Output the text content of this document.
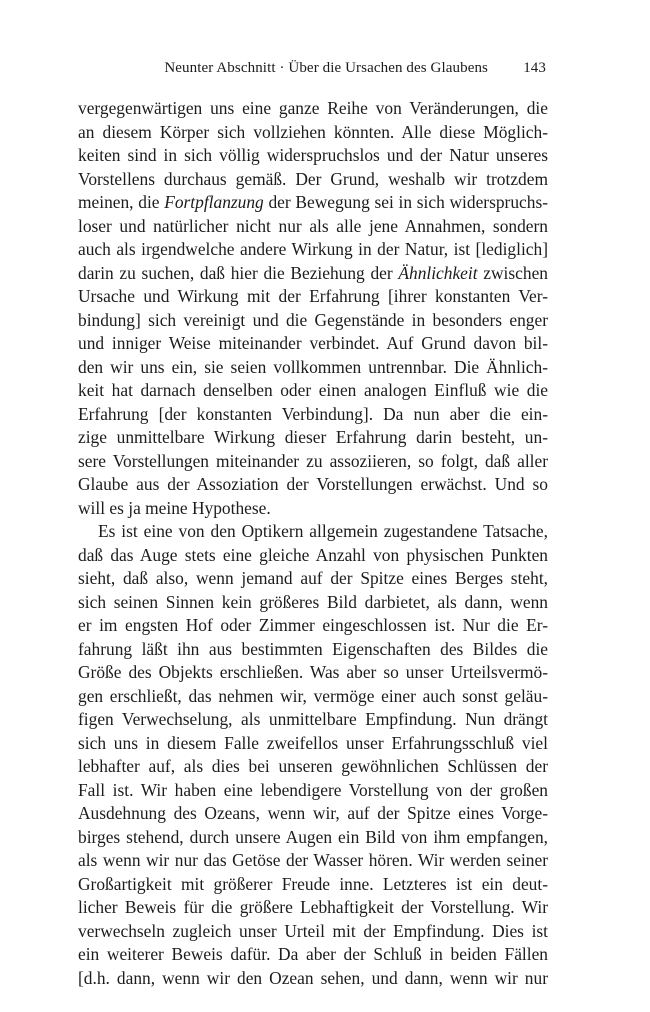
Neunter Abschnitt · Über die Ursachen des Glaubens 143
vergegenwärtigen uns eine ganze Reihe von Veränderungen, die
an diesem Körper sich vollziehen könnten. Alle diese Möglich-
keiten sind in sich völlig widerspruchslos und der Natur unseres
Vorstellens durchaus gemäß. Der Grund, weshalb wir trotzdem
meinen, die Fortpflanzung der Bewegung sei in sich widerspruchs-
loser und natürlicher nicht nur als alle jene Annahmen, sondern
auch als irgendwelche andere Wirkung in der Natur, ist [lediglich]
darin zu suchen, daß hier die Beziehung der Ähnlichkeit zwischen
Ursache und Wirkung mit der Erfahrung [ihrer konstanten Ver-
bindung] sich vereinigt und die Gegenstände in besonders enger
und inniger Weise miteinander verbindet. Auf Grund davon bil-
den wir uns ein, sie seien vollkommen untrennbar. Die Ähnlich-
keit hat darnach denselben oder einen analogen Einfluß wie die
Erfahrung [der konstanten Verbindung]. Da nun aber die ein-
zige unmittelbare Wirkung dieser Erfahrung darin besteht, un-
sere Vorstellungen miteinander zu assoziieren, so folgt, daß aller
Glaube aus der Assoziation der Vorstellungen erwächst. Und so
will es ja meine Hypothese.
Es ist eine von den Optikern allgemein zugestandene Tatsache,
daß das Auge stets eine gleiche Anzahl von physischen Punkten
sieht, daß also, wenn jemand auf der Spitze eines Berges steht,
sich seinen Sinnen kein größeres Bild darbietet, als dann, wenn
er im engsten Hof oder Zimmer eingeschlossen ist. Nur die Er-
fahrung läßt ihn aus bestimmten Eigenschaften des Bildes die
Größe des Objekts erschließen. Was aber so unser Urteilsvermö-
gen erschließt, das nehmen wir, vermöge einer auch sonst geläu-
figen Verwechselung, als unmittelbare Empfindung. Nun drängt
sich uns in diesem Falle zweifellos unser Erfahrungsschluß viel
lebhafter auf, als dies bei unseren gewöhnlichen Schlüssen der
Fall ist. Wir haben eine lebendigere Vorstellung von der großen
Ausdehnung des Ozeans, wenn wir, auf der Spitze eines Vorge-
birges stehend, durch unsere Augen ein Bild von ihm empfangen,
als wenn wir nur das Getöse der Wasser hören. Wir werden seiner
Großartigkeit mit größerer Freude inne. Letzteres ist ein deut-
licher Beweis für die größere Lebhaftigkeit der Vorstellung. Wir
verwechseln zugleich unser Urteil mit der Empfindung. Dies ist
ein weiterer Beweis dafür. Da aber der Schluß in beiden Fällen
[d.h. dann, wenn wir den Ozean sehen, und dann, wenn wir nur
